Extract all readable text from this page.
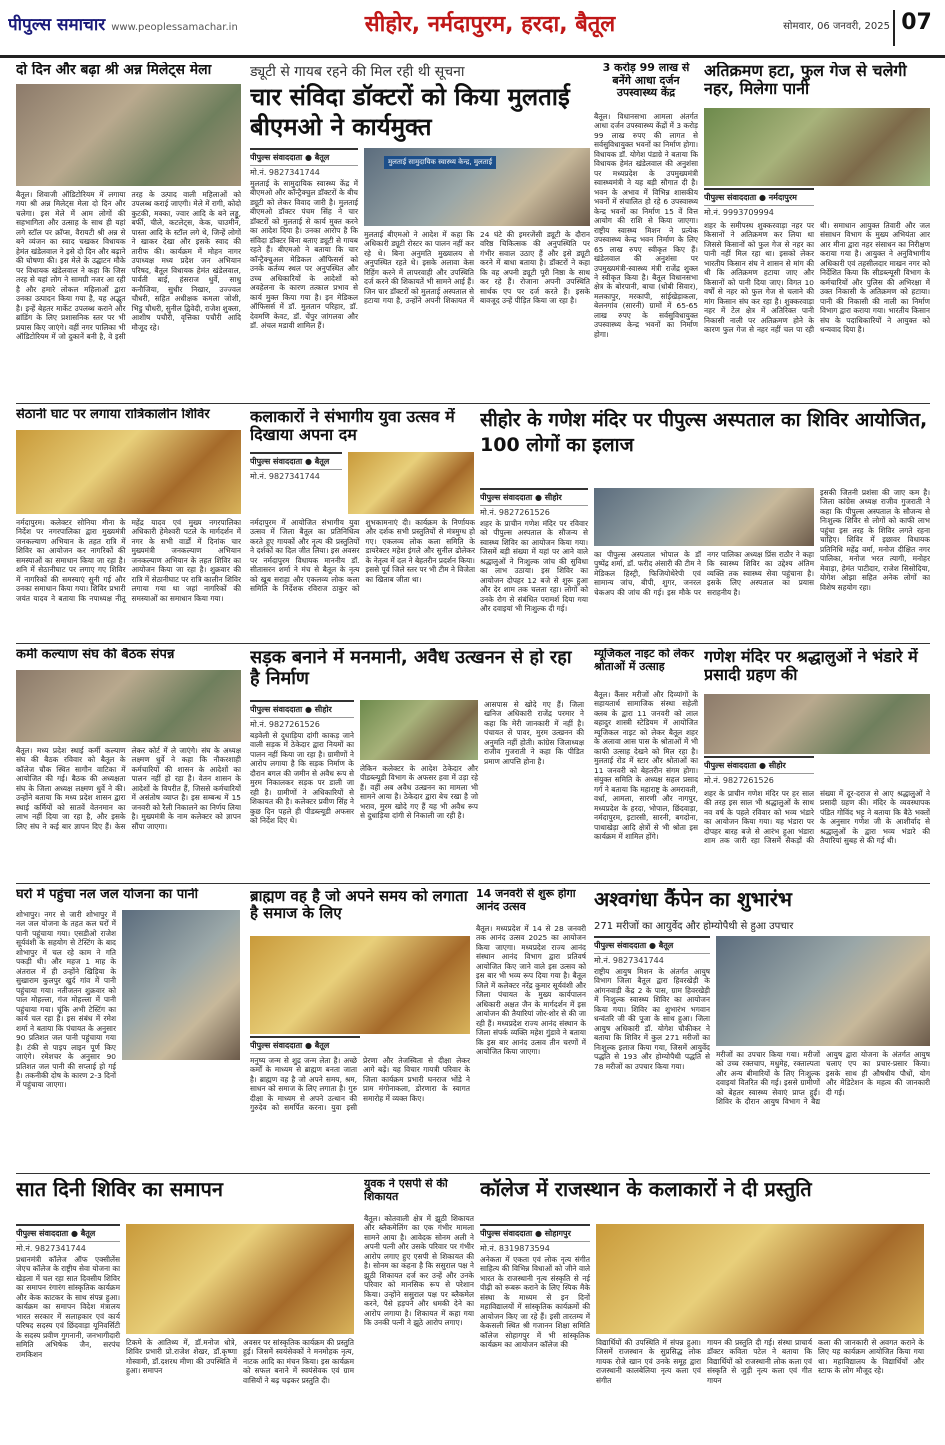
पीपुल्स समाचार www.peoplessamachar.in	सीहोर, नर्मदापुरम, हरदा, बैतूल	सोमवार, 06 जनवरी, 2025 07
दो दिन और बढ़ा श्री अन्न मिलेट्स मेला
बैतूल। शिवाजी ऑडिटोरियम में लगाया गया श्री अन्न मिलेट्स मेला दो दिन और चलेगा। इस मेले में आम लोगों की सहभागिता और उत्साह के साथ ही यहां लगे स्टॉल पर क्रॉप्स, वैरायटी श्री अन्न से बने व्यंजन का स्वाद चखकर विधायक हेमंत खंडेलवाल ने इसे दो दिन और बढ़ाने की घोषणा की। इस मेले के उद्घाटन मौके पर विधायक खंडेलवाल ने कहा कि जिस तरह से यहां लोग ने सामग्री नजर आ रही है और हमारे लोकल महिलाओं द्वारा उनका उत्पादन किया गया है, यह अद्भुत है। इन्हें बेहतर मार्केट उपलब्ध कराने और ब्रांडिंग के लिए प्रशासनिक स्तर पर भी प्रयास किए जाएंगे। वहीं नगर पालिका भी ऑडिटोरियम में जो दुकानें बनी है, वे इसी तरह के उत्पाद वाली महिलाओं को उपलब्ध कराई जाएगी। मेले में रागी, कोदो कुटकी, मक्का, ज्वार आदि के बने लड्डू, बर्फी, चीले, कटलेट्स, केक, चाउमीन, पास्ता आदि के स्टॉल लगे थे, जिन्हें लोगों ने खाकर देखा और इसके स्वाद की तारीफ की। कार्यक्रम में मोहन नागर उपाध्यक्ष मध्य प्रदेश जन अभियान परिषद, बैतूल विधायक हेमंत खंडेलवाल, पार्वती बाई, हंसराज धुर्वे, साधु कनौजिया, सुधीर निखार, उज्ज्वल चौधरी, सहित अधीक्षक कमला जोशी, भिडु चौधरी, सुनील द्विवेदी, राजेश शुक्ला, आशीष पचौरी, वृत्तिका पचौरी आदि मौजूद रहे।
ड्यूटी से गायब रहने की मिल रही थी सूचना
चार संविदा डॉक्टरों को किया मुलताई बीएमओ ने कार्यमुक्त
पीपुल्स संवाददाता ● बैतूल
मो.नं. 9827341744
मुलताई के सामुदायिक स्वास्थ्य केंद्र में बीएमओ और कॉन्ट्रैक्चुल डॉक्टरों के बीच ड्यूटी को लेकर विवाद जारी है। मुलताई बीएमओ डॉक्टर पंचम सिंह ने चार डॉक्टरों को मुलताई से कार्य मुक्त करने का आदेश दिया है। उनका आरोप है कि संविदा डॉक्टर बिना बताए ड्यूटी से गायब रहते हैं। बीएमओ ने बताया कि चार कॉन्ट्रैक्चुअल मेडिकल ऑफिसर्स को उनके कर्तव्य स्थल पर अनुपस्थित और उच्च अधिकारियों के आदेशों को अवहेलना के कारण तत्काल प्रभाव से कार्य मुक्त किया गया है। इन मेडिकल ऑफिसर्स में डॉ. मुलतान परिहार, डॉ. देवमणि केवट, डॉ. चेंपुर जांगलवा और डॉ. अंचल मडावी शामिल हैं।
मुलताई सामुदायिक स्वास्थ्य केन्द्र, मुलताई
मुलताई बीएमओ ने आदेश में कहा कि अधिकारी ड्यूटी रोस्टर का पालन नहीं कर रहे थे। बिना अनुमति मुख्यालय से अनुपस्थित रहते थे। इसके अलावा केस रिहिंग करने में लापरवाही और उपस्थिति दर्ज करने की शिकायतें भी सामने आई हैं। जिन चार डॉक्टरों को मुलताई अस्पताल से हटाया गया है, उन्होंने अपनी शिकायत में 24 घंटे की इमरजेंसी ड्यूटी के दौरान वरिष्ठ चिकित्सक की अनुपस्थिति पर गंभीर सवाल उठाए हैं और इसे ड्यूटी करने में बाधा बताया है। डॉक्टरों ने कहा कि वह अपनी ड्यूटी पूरी निष्ठा के साथ कर रहे हैं। रोजाना अपनी उपस्थिति सार्थक एप पर दर्ज करते हैं। इसके बावजूद उन्हें पीड़ित किया जा रहा है।
3 करोड़ 99 लाख से बनेंगे आधा दर्जन उपस्वास्थ्य केंद्र
बैतूल। विधानसभा आमला अंतर्गत आधा दर्जन उपस्वास्थ्य केंद्रों में 3 करोड़ 99 लाख रुपए की लागत से सर्वसुविधायुक्त भवनों का निर्माण होगा। विधायक डॉ. योगेश पंडाग्रे ने बताया कि विधायक हेमंत खंडेलवाल की अनुशंसा पर मध्यप्रदेश के उपमुख्यमंत्री स्वास्थ्यमंत्री ने यह बड़ी सौगात दी है। भवन के अभाव में विभिन्न शासकीय भवनों में संचालित हो रहे 6 उपस्वास्थ्य केन्द्र भवनों का निर्माण 15 वें वित्त आयोग की राशि से किया जाएगा। राष्ट्रीय स्वास्थ्य मिशन ने प्रत्येक उपस्वास्थ्य केन्द्र भवन निर्माण के लिए 65 लाख रुपए स्वीकृत किए हैं। खंडेलवाल की अनुशंसा पर उपमुख्यमंत्री-स्वास्थ्य मंत्री राजेंद्र शुक्ल ने स्वीकृत किया है। बैतूल विधानसभा क्षेत्र के बोरपानी, बाचा (धोबी सिवार), मलकापुर, मरकापी, सांईखेड़ाकला, बेलनगांव (सारनी) ग्रामों में 65-65 लाख रुपए के सर्वसुविधायुक्त उपस्वास्थ्य केन्द्र भवनों का निर्माण होगा।
अतिक्रमण हटा, फुल गेज से चलेगी नहर, मिलेगा पानी
पीपुल्स संवाददाता ● नर्मदापुरम
मो.नं. 9993709994
शहर के समीपस्थ शुक्करवाड़ा नहर पर किसानों ने अतिक्रमण कर लिया था जिससे किसानों को फुल गेज से नहर का पानी नहीं मिल रहा था। इसको लेकर भारतीय किसान संघ ने शासन से मांग की थी कि अतिक्रमण हटाया जाए और किसानों को पानी दिया जाए। विगत 10 वर्षों से नहर को फुल गेज से चलाने की मांग किसान संघ कर रहा है। शुक्करवाड़ा नहर में टेल क्षेत्र में अतिरिक्त पानी निकासी नाली पर अतिक्रमण होने के कारण फुल गेज से नहर नहीं चल पा रही थी। समाधान आयुक्त तिवारी और जल संसाधन विभाग के मुख्य अभियंता आर आर मीना द्वारा नहर संसाधन का निरीक्षण कराया गया है। आयुक्त ने अनुविभागीय अधिकारी एवं तहसीलदार माखन नगर को निर्देशित किया कि सीडब्ल्यूसी विभाग के कर्मचारियों और पुलिस की अभिरक्षा में उक्त निकासी के अतिक्रमण को हटाया। पानी की निकासी की नाली का निर्माण विभाग द्वारा कराया गया। भारतीय किसान संघ के पदाधिकारियों ने आयुक्त को धन्यवाद दिया है।
सेठानी घाट पर लगाया रात्रिकालीन शिविर
नर्मदापुरम। कलेक्टर सोनिया मीना के निर्देश पर नगरपालिका द्वारा मुख्यमंत्री जनकल्याण अभियान के तहत रात्रि में शिविर का आयोजन कर नागरिकों की समस्याओं का समाधान किया जा रहा है। शनि में सेठानीघाट पर लगाए गए शिविर में नागरिकों की समस्याएं सुनी गई और उनका समाधान किया गया। शिविर प्रभारी जयंत यादव ने बताया कि नपाध्यक्ष नीतू महेंद्र यादव एवं मुख्य नगरपालिका अधिकारी हेमेश्वरी पटले के मार्गदर्शन में नगर के सभी वार्डों में दिनांक चार मुख्यमंत्री जनकल्याण अभियान जनकल्याण अभियान के तहत शिविर का आयोजन किया जा रहा है। शुक्रवार की रात्रि में सेठानीघाट पर रात्रि कालीन शिविर लगाया गया था जहां नागरिकों की समस्याओं का समाधान किया गया।
कलाकारों ने संभागीय युवा उत्सव में दिखाया अपना दम
पीपुल्स संवाददाता ● बैतूल
मो.नं. 9827341744
नर्मदापुरम में आयोजित संभागीय युवा उत्सव में जिला बैतूल का प्रतिनिधित्व करते हुए गायकों और नृत्य की प्रस्तुतियों ने दर्शकों का दिल जीत लिया। इस अवसर पर नर्मदापुरम विधायक माननीय डॉ. सीतासरन शर्मा ने मंच से बैतूल के नृत्य को खूब सराहा और एकलव्य लोक कला समिति के निर्देशक रविराज ठाकुर को शुभकामनाएं दी। कार्यक्रम के निर्णायक और दर्शक सभी प्रस्तुतियों से मंत्रमुग्ध हो गए। एकलव्य लोक कला समिति के डायरेक्टर महेश इंगले और सुनील ढोलेकर के नेतृत्व में दल ने बेहतरीन प्रदर्शन किया। इससे पूर्व जिले स्तर पर भी टीम ने विजेता का खिताब जीता था।
सीहोर के गणेश मंदिर पर पीपुल्स अस्पताल का शिविर आयोजित, 100 लोगों का इलाज
पीपुल्स संवाददाता ● सीहोर
मो.नं. 9827261526
शहर के प्राचीन गणेश मंदिर पर रविवार को पीपुल्स अस्पताल के सौजन्य से स्वास्थ्य शिविर का आयोजन किया गया। जिसमें बड़ी संख्या में यहां पर आने वाले श्रद्धालुओं ने निःशुल्क जांच की सुविधा का लाभ उठाया। इस शिविर का आयोजन दोपहर 12 बजे से शुरू हुआ और देर शाम तक चलता रहा। लोगों को उनके रोग से संबंधित परामर्श दिया गया और दवाइयां भी निःशुल्क दी गई।
का पीपुल्स अस्पताल भोपाल के डॉ पुष्पेंद्र शर्मा, डॉ. फरीद अंसारी की टीम ने मेडिकल हिस्ट्री, फिजियोथेरेपी एवं सामान्य जांच, बीपी, शुगर, जनरल चेकअप की जांच की गई। इस मौके पर नगर पालिका अध्यक्ष प्रिंस राठौर ने कहा कि स्वास्थ्य शिविर का उद्देश्य अंतिम व्यक्ति तक स्वास्थ्य सेवा पहुंचाना है। इसके लिए अस्पताल का प्रयास सराहनीय है।
इसकी जितनी प्रशंसा की जाए कम है। जिला कांग्रेस अध्यक्ष राजीव गुजराती ने कहा कि पीपुल्स अस्पताल के सौजन्य से निःशुल्क शिविर से लोगों को काफी लाभ पहुंचा इस तरह के शिविर लगते रहना चाहिए। शिविर में इछावर विधायक प्रतिनिधि महेंद्र वर्मा, मनोज दीक्षित नगर पालिका, मनोज भरत त्यागी, मनोहर मेवाड़ा, हेमंत पाटीदार, राजेश सिसोदिया, योगेश ओझा सहित अनेक लोगों का विशेष सहयोग रहा।
कर्मी कल्याण संघ की बैठक संपन्न
बैतूल। मध्य प्रदेश स्थाई कर्मी कल्याण संघ की बैठक रविवार को बैतूल के कॉलेज चौक स्थित सागौन वाटिका में आयोजित की गई। बैठक की अध्यक्षता संघ के जिला अध्यक्ष लक्ष्मण धुर्वे ने की। उन्होंने बताया कि मध्य प्रदेश शासन द्वारा स्थाई कर्मियों को सातवें वेतनमान का लाभ नहीं दिया जा रहा है, और इसके लिए संघ ने कई बार ज्ञापन दिए हैं। केस लेकर कोर्ट में ले जाएंगे। संघ के अध्यक्ष लक्ष्मण धुर्वे ने कहा कि नौकरशाही कर्मचारियों की शासन के आदेशों का पालन नहीं हो रहा है। वेतन शासन के आदेशों के विपरीत हैं, जिससे कर्मचारियों में असंतोष व्याप्त है। इस सम्बन्ध में 15 जनवरी को रैली निकालने का निर्णय लिया है। मुख्यमंत्री के नाम कलेक्टर को ज्ञापन सौंपा जाएगा।
सड़क बनाने में मनमानी, अवैध उत्खनन से हो रहा है निर्माण
पीपुल्स संवाददाता ● सीहोर
मो.नं. 9827261526
बड़वेली से दुधाड़िया दांगी काकड़ जाने वाली सड़क में ठेकेदार द्वारा नियमों का पालन नहीं किया जा रहा है। ग्रामीणों ने आरोप लगाया है कि सड़क निर्माण के दौरान बगल की जमीन से अवैध रूप से मुरम निकालकर सड़क पर डाली जा रही है। ग्रामीणों ने अधिकारियों से शिकायत की है। कलेक्टर प्रवीण सिंह ने कुछ दिन पहले ही पीडब्ल्यूडी अफसर को निर्देश दिए थे।
लेकिन कलेक्टर के आदेश ठेकेदार और पीडब्ल्यूडी विभाग के अफसर हवा में उड़ा रहे हैं। वहीं अब अवैध उत्खनन का मामला भी सामने आया है। ठेकेदार द्वारा बेच रखा है जो भराव, मुरम खोदे गए हैं यह भी अवैध रूप से दुधाड़िया दांगी से निकाली जा रही है।
आसपास से खोदे गए हैं। जिला खनिज अधिकारी राजेंद्र परमार ने कहा कि मेरी जानकारी में नहीं है। पंचायत से पावर, मुरम उत्खनन की अनुमति नहीं होती। कांग्रेस जिलाध्यक्ष राजीव गुजराती ने कहा कि पीडित प्रमाण आपत्ति होना है।
म्यूजिकल नाइट को लेकर श्रोताओं में उत्साह
बैतूल। कैंसर मरीजों और दिव्यांगों के सहायतार्थ सामाजिक संस्था सहेली क्लब के द्वारा 11 जनवरी को लाल बहादुर शास्त्री स्टेडियम में आयोजित म्यूजिकल नाइट को लेकर बैतूल शहर के अलावा आस पास के श्रोताओं में भी काफी उत्साह देखने को मिल रहा है। मुलताई रोड में स्टार और श्रोताओं का 11 जनवरी को बेहतरीन संगम होगा। संयुक्त समिति के अध्यक्ष सहल प्रसाद गर्ग ने बताया कि महाराष्ट्र के अमरावती, वर्धा, आमला, सारणी और नागपुर, मध्यप्रदेश के हरदा, भोपाल, छिंदवाड़ा, नर्मदापुरम, इटारसी, सारनी, बगदोना, पाथाखेड़ा आदि क्षेत्रों से भी श्रोता इस कार्यक्रम में शामिल होंगे।
गणेश मंदिर पर श्रद्धालुओं ने भंडारे में प्रसादी ग्रहण की
पीपुल्स संवाददाता ● सीहोर
मो.नं. 9827261526
शहर के प्राचीन गणेश मंदिर पर हर साल की तरह इस साल भी श्रद्धालुओं के साथ नव वर्ष के पहले रविवार को भव्य भंडारे का आयोजन किया गया। यह भंडारा पर दोपहर बारह बजे से आरंभ हुआ भंडारा शाम तक जारी रहा जिसमें सैकड़ों की संख्या में दूर-दराज से आए श्रद्धालुओं ने प्रसादी ग्रहण की। मंदिर के व्यवस्थापक पंडित गोविंद भट्ट ने बताया कि बैठे भक्तों के अनुसार गणेश जी के आशीर्वाद से श्रद्धालुओं के द्वारा भव्य भंडारे की तैयारियां सुबह से की गई थी।
घरों में पहुंचा नल जल योजना का पानी
शोभापुर। नगर से जारी शोभापुर में नल जल योजना के तहत कल घरों में पानी पहुंचाया गया। एसडीओ राजेश सूर्यवंशी के सहयोग से टेस्टिंग के बाद शोभापुर में चल रहे काम ने गति पकड़ी थी। और महज 1 माह के अंतराल में ही उन्होंने खिड़िया के सुखाराम कुलपुर खुर्द गांव में पानी पहुंचाया गया। नतीजतन शुक्रवार को पाल मोहल्ला, गंज मोहल्ला में पानी पहुंचाया गया। चूंकि अभी टेस्टिंग का कार्य चल रहा है। इस संबंध में रमेश शर्मा ने बताया कि पंचायत के अनुसार 90 प्रतिशत जल पानी पहुंचाया गया है। टंकी से पाइप लाइन पूर्ण किए जाएंगे। रमेशचर के अनुसार 90 प्रतिशत जल पानी की सप्लाई हो गई है। तकनीकी दोष के कारण 2-3 दिनों में पहुंचाया जाएगा।
ब्राह्मण वह है जो अपने समय को लगाता है समाज के लिए
पीपुल्स संवाददाता ● बैतूल
मनुष्य जन्म से शुद्र जन्म लेता है। अच्छे कर्मों के माध्यम से ब्राह्मण बनता जाता है। ब्राह्मण वह है जो अपने समय, श्रम, साधन को समाज के लिए लगाता है। गुरु दीक्षा के माध्यम से अपने उत्थान की गुरुदेव को समर्पित करना। युवा इसी प्रेरणा और तेजस्विता से दीक्षा लेकर आगे बढ़ें। यह विचार गायत्री परिवार के जिला कार्यक्रम प्रभारी घनराज भोंडे ने प्राम मंगोनाकला, डोरणारा के स्वागत समारोह में व्यक्त किए।
14 जनवरी से शुरू होगा आनंद उत्सव
बैतूल। मध्यप्रदेश में 14 से 28 जनवरी तक आनंद उत्सव 2025 का आयोजन किया जाएगा। मध्यप्रदेश राज्य आनंद संस्थान आनंद विभाग द्वारा प्रतिवर्ष आयोजित किए जाने वाले इस उत्सव को इस बार भी भव्य रूप दिया गया है। बैतूल जिले में कलेक्टर नरेंद्र कुमार सूर्यवंशी और जिला पंचायत के मुख्य कार्यपालन अधिकारी अक्षत जैन के मार्गदर्शन में इस आयोजन की तैयारियां जोर-शोर से की जा रही हैं। मध्यप्रदेश राज्य आनंद संस्थान के जिला संपर्क व्यक्ति महेश गुंडावे ने बताया कि इस बार आनंद उत्सव तीन चरणों में आयोजित किया जाएगा।
अश्वगंधा कैंपेन का शुभारंभ
271 मरीजों का आयुर्वेद और होम्योपैथी से हुआ उपचार
पीपुल्स संवाददाता ● बैतूल
मो.नं. 9827341744
राष्ट्रीय आयुष मिशन के अंतर्गत आयुष विभाग जिला बैतूल द्वारा हिवरखेड़ी के आंगनवाड़ी केंद्र 2 के पास, ग्राम हिवरखेड़ी में निःशुल्क स्वास्थ्य शिविर का आयोजन किया गया। शिविर का शुभारंभ भगवान धन्वंतरि जी की पूजा के साथ हुआ। जिला आयुष अधिकारी डॉ. योगेश चौकीकर ने बताया कि शिविर में कुल 271 मरीजों का निःशुल्क इलाज किया गया, जिसमें आयुर्वेद पद्धति से 193 और होम्योपैथी पद्धति से 78 मरीजों का उपचार किया गया।
मरीजों का उपचार किया गया। मरीजों को उच्च रक्तचाप, मधुमेह, रक्ताल्पता और अन्य बीमारियों के लिए निःशुल्क दवाइयां वितरित की गई। इससे ग्रामीणों को बेहतर स्वास्थ्य सेवाएं प्राप्त हुईं। शिविर के दौरान आयुष विभाग ने बैद्य आयुष द्वारा योजना के अंतर्गत आयुष चलाए एप का प्रचार-प्रसार किया। इसके साथ ही औषधीय पौधों, योग और मेडिटेशन के महत्व की जानकारी दी गई।
सात दिनी शिविर का समापन
पीपुल्स संवाददाता ● बैतूल
मो.नं. 9827341744
प्रधानमंत्री कॉलेज ऑफ एक्सीलेंस जेएच कॉलेज के राष्ट्रीय सेवा योजना का खेड़ला में चल रहा सात दिवसीय शिविर का समापन रंगारंग सांस्कृतिक कार्यक्रम और केक काटकर के साथ संपन्न हुआ। कार्यक्रम का समापन विदेश मंत्रालय भारत सरकार में सलाहकार एवं कार्य परिषद सदस्य एवं छिंदवाड़ा यूनिवर्सिटी के सदस्य प्रवीण गुगनानी, जनभागीदारी समिति अभिषेक जैन, सरपंच रामकिशन
टिकमे के आतिथ्य में, डॉ.मनोज धोत्रे, शिविर प्रभारी प्रो.राजेश शेखर, डॉ.कृष्णा गोस्वामी, डॉ.दशरथ मीणा की उपस्थिति में हुआ। समापन
अवसर पर सांस्कृतिक कार्यक्रम की प्रस्तुति हुई। जिसमें स्वयंसेवकों ने मनमोहक नृत्य, नाटक आदि का मंचन किया। इस कार्यक्रम को सफल बनाने में स्वयंसेवक एवं ग्राम वासियों ने बढ़ चढ़कर प्रस्तुति दी।
युवक ने एसपी से की शिकायत
बैतूल। कोतवाली क्षेत्र में झूठी शिकायत और ब्लैकमेलिंग का एक गंभीर मामला सामने आया है। आवेदक सोनम अली ने अपनी पत्नी और उसके परिवार पर गंभीर आरोप लगाए हुए एसपी से शिकायत की है। सोनम का कहना है कि ससुराल पक्ष ने झूठी शिकायत दर्ज कर उन्हें और उनके परिवार को मानसिक रूप से परेशान किया। उन्होंने ससुराल पक्ष पर ब्लैकमेल करने, पैसे हड़पने और धमकी देने का आरोप लगाया है। शिकायत में कहा गया कि उनकी पत्नी ने झूठे आरोप लगाए।
कॉलेज में राजस्थान के कलाकारों ने दी प्रस्तुति
पीपुल्स संवाददाता ● सोहागपुर
मो.नं. 8319873594
अनेकता में एकता एवं लोक नृत्य संगीत साहित्य की विभिन्न विधाओं को जीने वाले भारत के राजस्थानी नृत्य संस्कृति से नई पीढ़ी को रूबरू कराने के लिए स्पिक मैके संस्था के माध्यम से इन दिनों महाविद्यालयों में सांस्कृतिक कार्यक्रमों की आयोजन किए जा रहे हैं। इसी तारतम्य में केकसली स्थित श्री गजानन शिक्षा समिति कॉलेज सोहागपुर में भी सांस्कृतिक कार्यक्रम का आयोजन कॉलेज की	विद्यार्थियों की उपस्थिति में संपन्न हुआ। जिसमें राजस्थान के सुप्रसिद्ध लोक गायक रोजे खान एवं उनके समूह द्वारा राजस्थानी कालबेलिया नृत्य कला एवं संगीत
गायन की प्रस्तुति दी गई। संस्था प्राचार्य डॉक्टर कविता पटेल ने बताया कि विद्यार्थियों को राजस्थानी लोक कला एवं संस्कृति से जुड़ी नृत्य कला एवं गीत गायन
कला की जानकारी से अवगत कराने के लिए यह कार्यक्रम आयोजित किया गया था। महाविद्यालय के विद्यार्थियों और स्टाफ के लोग मौजूद रहे।
